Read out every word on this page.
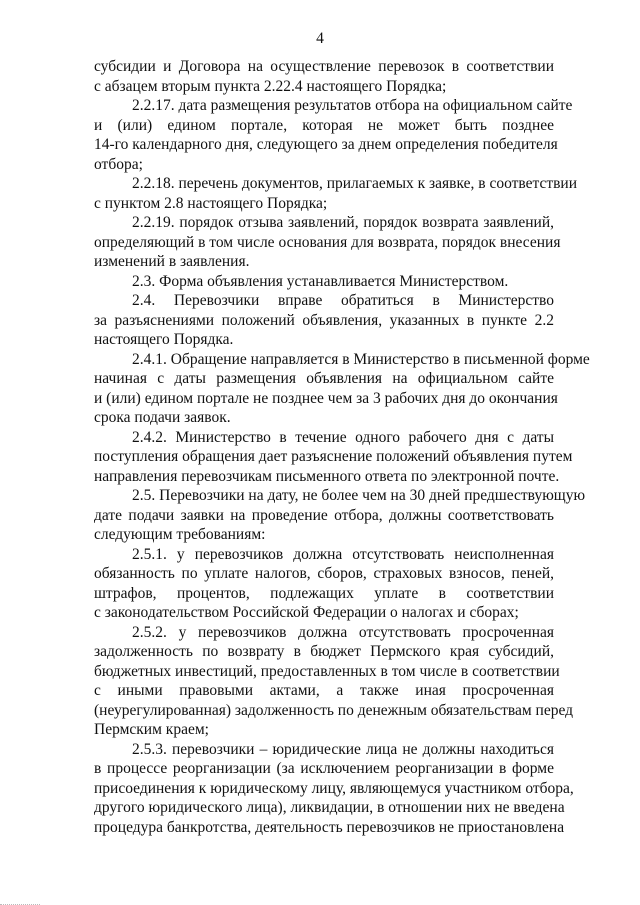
4
субсидии и Договора на осуществление перевозок в соответствии
с абзацем вторым пункта 2.22.4 настоящего Порядка;
2.2.17. дата размещения результатов отбора на официальном сайте
и (или) едином портале, которая не может быть позднее
14-го календарного дня, следующего за днем определения победителя
отбора;
2.2.18. перечень документов, прилагаемых к заявке, в соответствии
с пунктом 2.8 настоящего Порядка;
2.2.19. порядок отзыва заявлений, порядок возврата заявлений,
определяющий в том числе основания для возврата, порядок внесения
изменений в заявления.
2.3. Форма объявления устанавливается Министерством.
2.4. Перевозчики вправе обратиться в Министерство
за разъяснениями положений объявления, указанных в пункте 2.2
настоящего Порядка.
2.4.1. Обращение направляется в Министерство в письменной форме
начиная с даты размещения объявления на официальном сайте
и (или) едином портале не позднее чем за 3 рабочих дня до окончания
срока подачи заявок.
2.4.2. Министерство в течение одного рабочего дня с даты
поступления обращения дает разъяснение положений объявления путем
направления перевозчикам письменного ответа по электронной почте.
2.5. Перевозчики на дату, не более чем на 30 дней предшествующую
дате подачи заявки на проведение отбора, должны соответствовать
следующим требованиям:
2.5.1. у перевозчиков должна отсутствовать неисполненная
обязанность по уплате налогов, сборов, страховых взносов, пеней,
штрафов, процентов, подлежащих уплате в соответствии
с законодательством Российской Федерации о налогах и сборах;
2.5.2. у перевозчиков должна отсутствовать просроченная
задолженность по возврату в бюджет Пермского края субсидий,
бюджетных инвестиций, предоставленных в том числе в соответствии
с иными правовыми актами, а также иная просроченная
(неурегулированная) задолженность по денежным обязательствам перед
Пермским краем;
2.5.3. перевозчики – юридические лица не должны находиться
в процессе реорганизации (за исключением реорганизации в форме
присоединения к юридическому лицу, являющемуся участником отбора,
другого юридического лица), ликвидации, в отношении них не введена
процедура банкротства, деятельность перевозчиков не приостановлена
